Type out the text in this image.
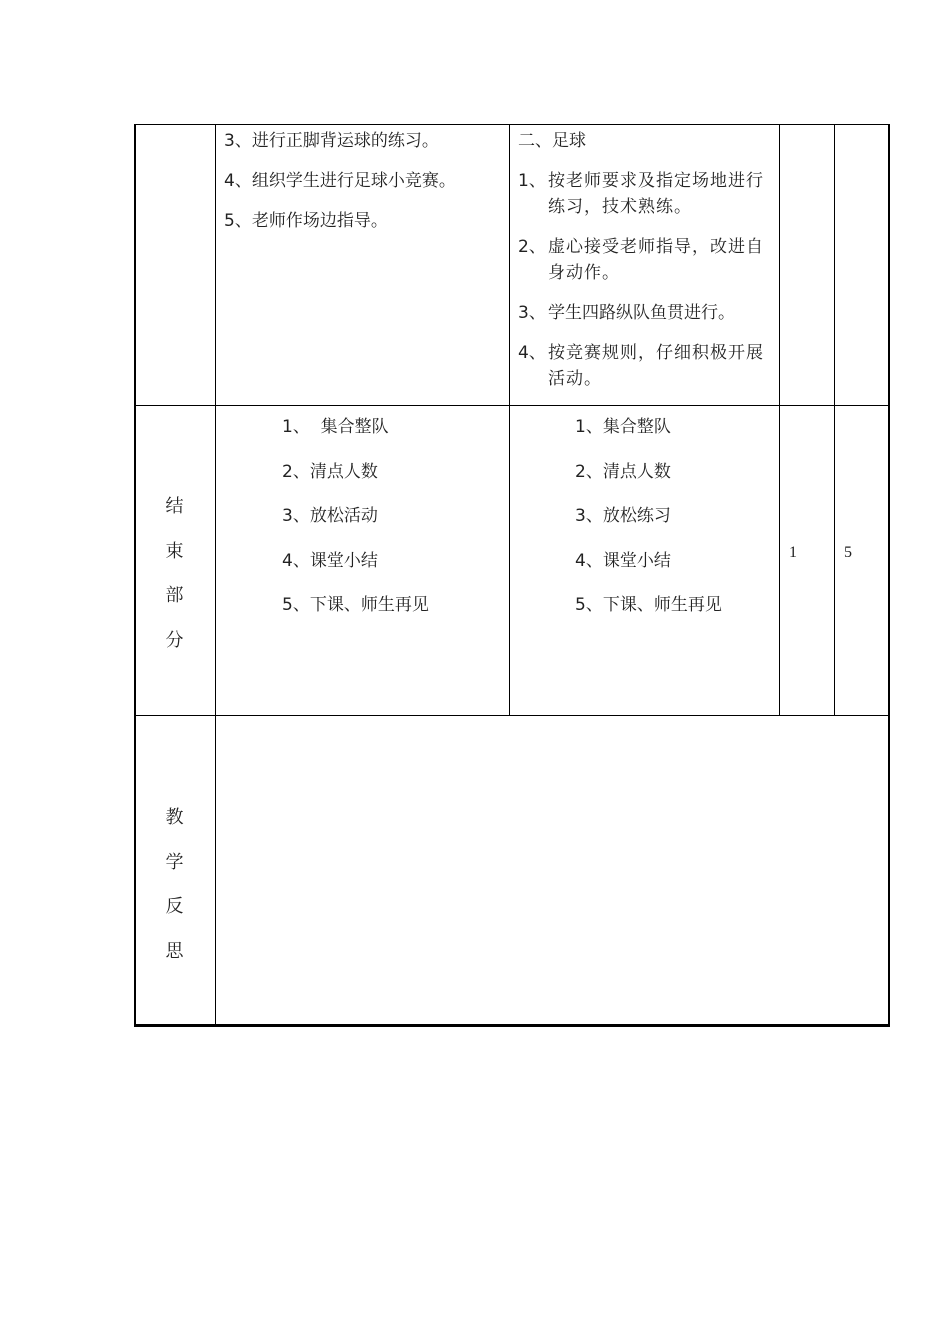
3、进行正脚背运球的练习。

4、组织学生进行足球小竞赛。

5、老师作场边指导。

二、足球

1、 按老师要求及指定场地进行练习，技术熟练。
2、 虚心接受老师指导，改进自身动作。
3、 学生四路纵队鱼贯进行。
4、 按竞赛规则，仔细积极开展活动。
结
束
部
分

1、  集合整队

2、清点人数

3、放松活动

4、课堂小结

5、下课、师生再见

1、集合整队

2、清点人数

3、放松练习

4、课堂小结

5、下课、师生再见

1	5
教
学
反
思
